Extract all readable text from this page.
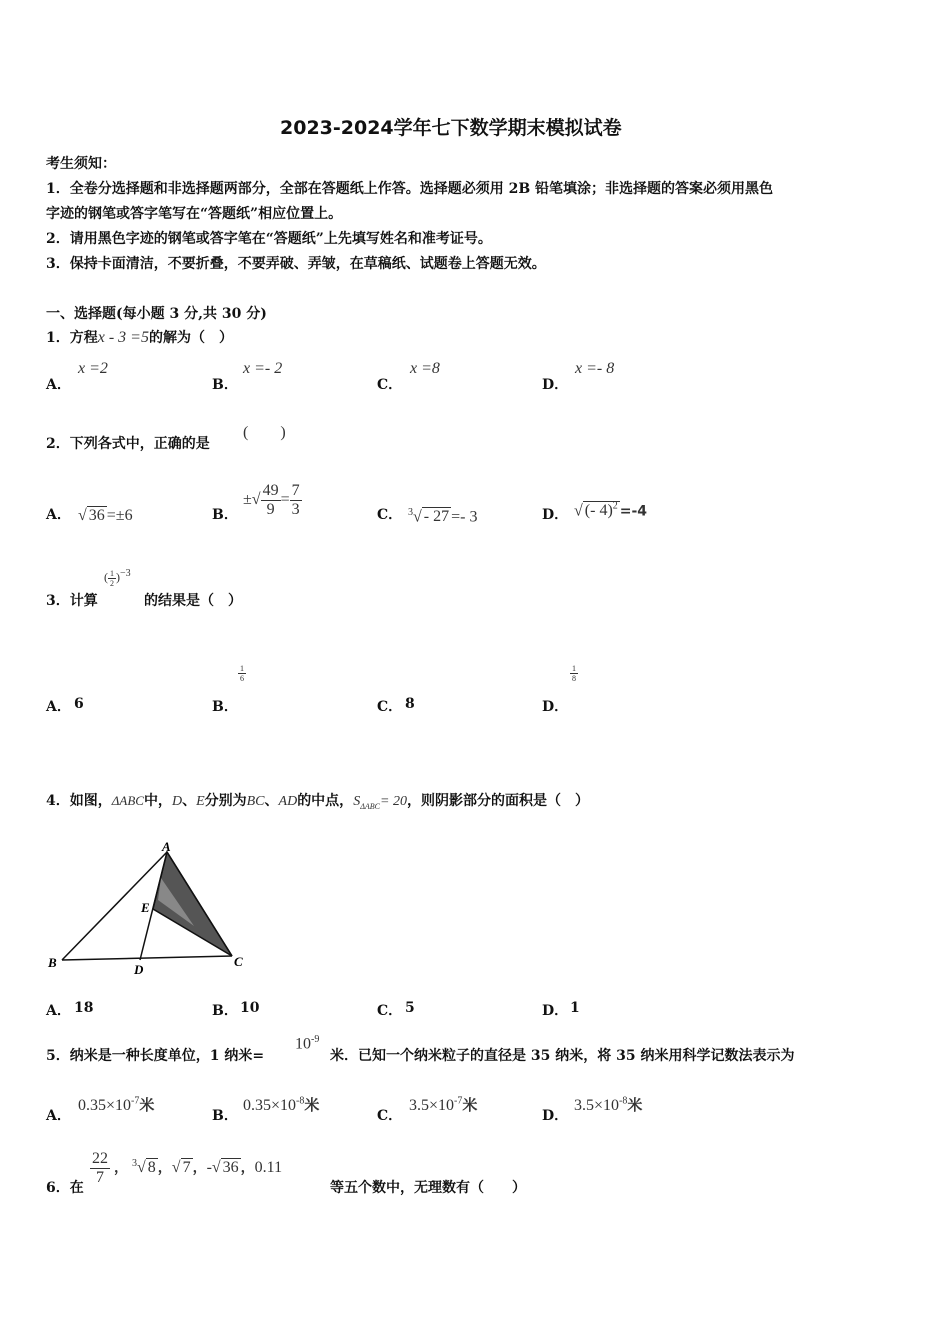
2023-2024学年七下数学期末模拟试卷
考生须知：
1．全卷分选择题和非选择题两部分，全部在答题纸上作答。选择题必须用 2B 铅笔填涂；非选择题的答案必须用黑色
字迹的钢笔或答字笔写在“答题纸”相应位置上。
2．请用黑色字迹的钢笔或答字笔在“答题纸”上先填写姓名和准考证号。
3．保持卡面清洁，不要折叠，不要弄破、弄皱，在草稿纸、试题卷上答题无效。
一、选择题(每小题 3 分,共 30 分)
1．方程x - 3 =5的解为（　）
A．
x =2
B．
x =- 2
C．
x =8
D．
x =- 8
2．下列各式中，正确的是
(　　)
A． √ 36 =±6	B．
±√ $\frac{49}{9} = \frac{7}{3}$	C． $^3$√ - 27 =- 3	D． √ (- 4)$^2$ =-4
3．计算
( $\frac{1}{2} )^{-3}$
的结果是（　）
A． 6	B．
$\frac{1}{6}$
C． 8	D．
$\frac{1}{8}$
4．如图，ΔABC中，D、E分别为BC、AD的中点，$S_{\Delta ABC}= 20$，则阴影部分的面积是（　）
A
B	C
D
E
A． 18	B． 10	C． 5	D． 1
5．纳米是一种长度单位，1 纳米=
$10^{-9}$
米．已知一个纳米粒子的直径是 35 纳米，将 35 纳米用科学记数法表示为
A．
$0.35\times 10^{-7}$米
B．
$0.35\times 10^{-8}$米
C．
$3.5\times 10^{-7}$米
D．
$3.5\times 10^{-8}$米
6．在
$\frac{22}{7}$ ， $^3$√ 8 ，√ 7 ，-√ 36 ，0.11
等五个数中，无理数有（　　）
